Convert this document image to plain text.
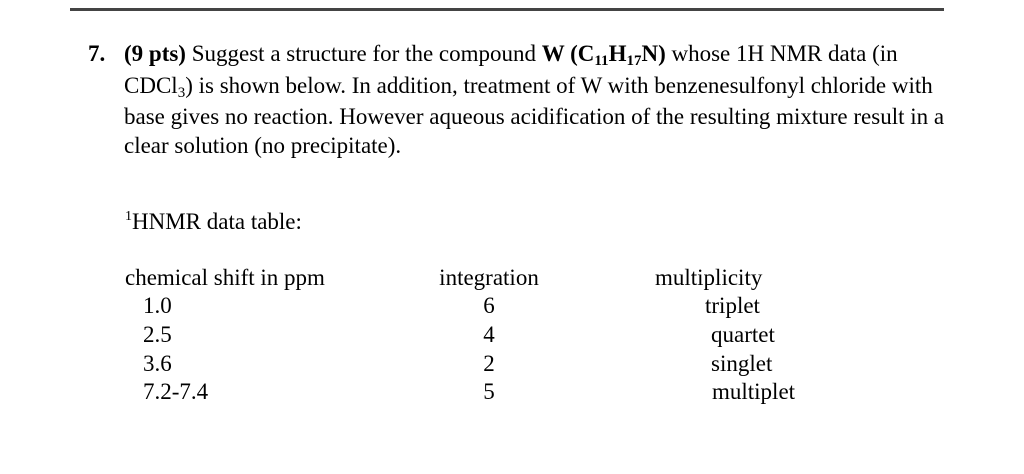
7. (9 pts) Suggest a structure for the compound W $(C_{11}H_{17}N)$ whose 1H NMR data (in CDCl$_3$) is shown below. In addition, treatment of W with benzenesulfonyl chloride with base gives no reaction. However aqueous acidification of the resulting mixture result in a clear solution (no precipitate).
$^1$HNMR data table:
chemical shift in ppm	integration	multiplicity
1.0	6	triplet
2.5	4	quartet
3.6	2	singlet
7.2-7.4	5	multiplet
